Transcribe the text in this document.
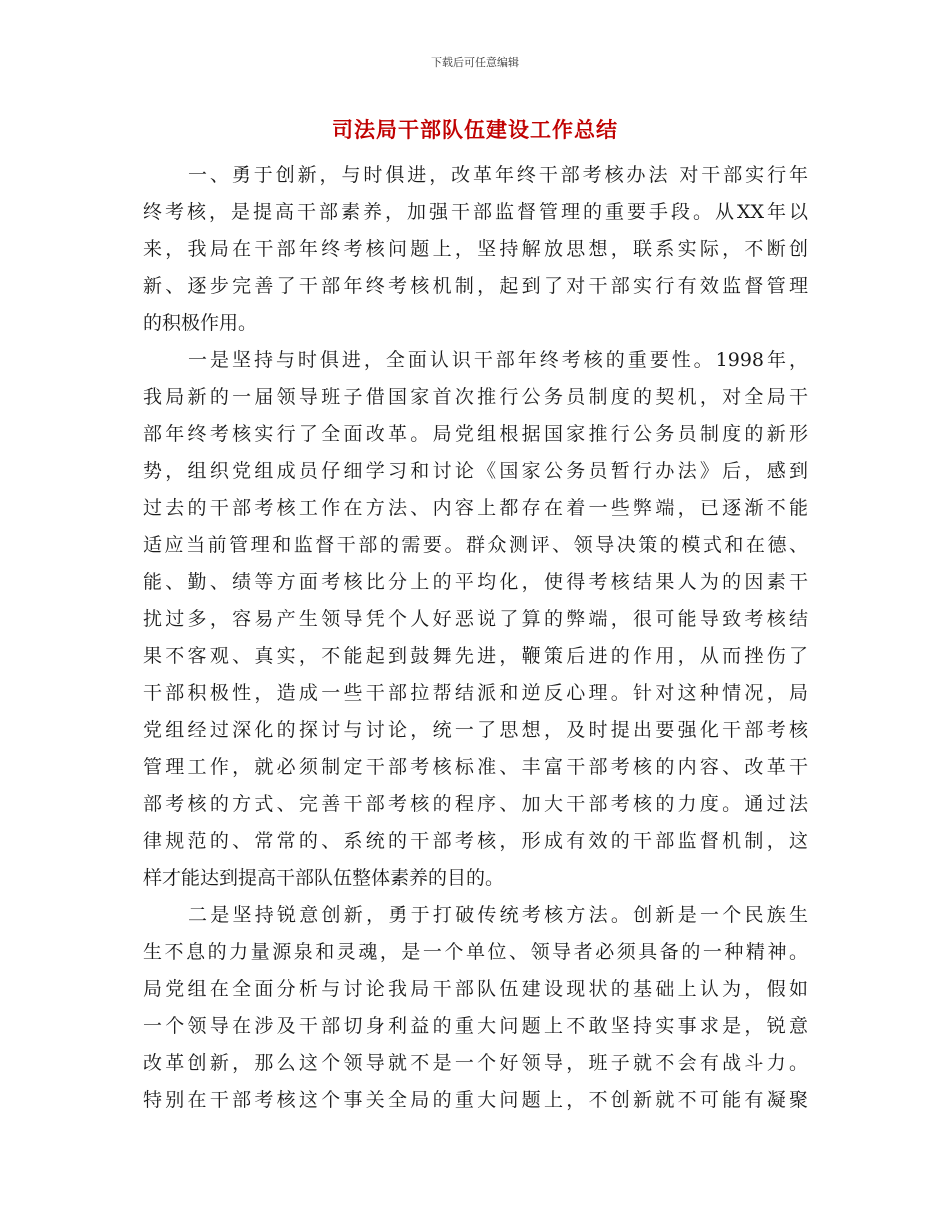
下载后可任意编辑
司法局干部队伍建设工作总结
一、勇于创新，与时俱进，改革年终干部考核办法 对干部实行年
终考核，是提高干部素养，加强干部监督管理的重要手段。从XX年以
来，我局在干部年终考核问题上，坚持解放思想，联系实际，不断创
新、逐步完善了干部年终考核机制，起到了对干部实行有效监督管理
的积极作用。
一是坚持与时俱进，全面认识干部年终考核的重要性。1998年，
我局新的一届领导班子借国家首次推行公务员制度的契机，对全局干
部年终考核实行了全面改革。局党组根据国家推行公务员制度的新形
势，组织党组成员仔细学习和讨论《国家公务员暂行办法》后，感到
过去的干部考核工作在方法、内容上都存在着一些弊端，已逐渐不能
适应当前管理和监督干部的需要。群众测评、领导决策的模式和在德、
能、勤、绩等方面考核比分上的平均化，使得考核结果人为的因素干
扰过多，容易产生领导凭个人好恶说了算的弊端，很可能导致考核结
果不客观、真实，不能起到鼓舞先进，鞭策后进的作用，从而挫伤了
干部积极性，造成一些干部拉帮结派和逆反心理。针对这种情况，局
党组经过深化的探讨与讨论，统一了思想，及时提出要强化干部考核
管理工作，就必须制定干部考核标准、丰富干部考核的内容、改革干
部考核的方式、完善干部考核的程序、加大干部考核的力度。通过法
律规范的、常常的、系统的干部考核，形成有效的干部监督机制，这
样才能达到提高干部队伍整体素养的目的。
二是坚持锐意创新，勇于打破传统考核方法。创新是一个民族生
生不息的力量源泉和灵魂，是一个单位、领导者必须具备的一种精神。
局党组在全面分析与讨论我局干部队伍建设现状的基础上认为，假如
一个领导在涉及干部切身利益的重大问题上不敢坚持实事求是，锐意
改革创新，那么这个领导就不是一个好领导，班子就不会有战斗力。
特别在干部考核这个事关全局的重大问题上，不创新就不可能有凝聚
